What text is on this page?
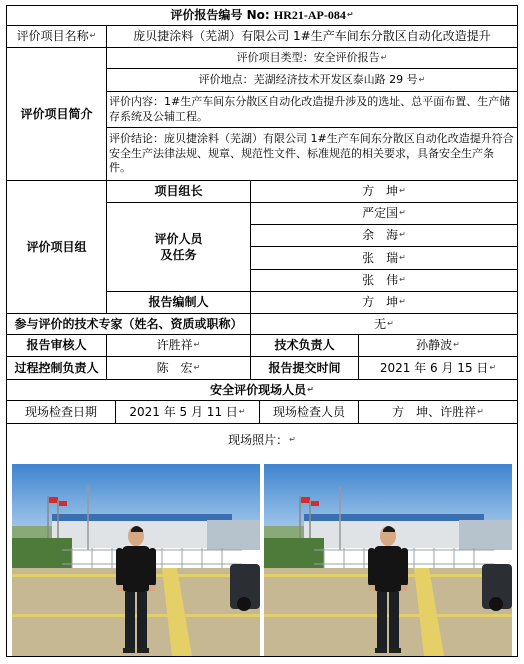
评价报告编号 No:
HR21-AP-084 ↵
评价项目名称 ↵	庞贝捷涂料（芜湖）有限公司 1#生产车间东分散区自动化改造提升
评价项目简介
评价项目类型：安全评价报告 ↵
评价地点：芜湖经济技术开发区泰山路 29 号 ↵
评价内容：1#生产车间东分散区自动化改造提升涉及的选址、总平面布置、生产储存系统及公辅工程。
评价结论：庞贝捷涂料（芜湖）有限公司 1#生产车间东分散区自动化改造提升符合安全生产法律法规、规章、规范性文件、标准规范的相关要求，具备安全生产条件。
评价项目组
项目组长	方　坤 ↵
评价人员
及任务
严定国 ↵
余　海 ↵
张　瑞 ↵
张　伟 ↵
报告编制人	方　坤 ↵
参与评价的技术专家（姓名、资质或职称）	无 ↵
报告审核人	许胜祥 ↵	技术负责人	孙静波 ↵
过程控制负责人	陈　宏 ↵	报告提交时间	2021 年 6 月 15 日 ↵
安全评价现场人员 ↵
现场检查日期	2021 年 5 月 11 日 ↵ 现场检查人员	方　坤、许胜祥 ↵
现场照片： ↵
